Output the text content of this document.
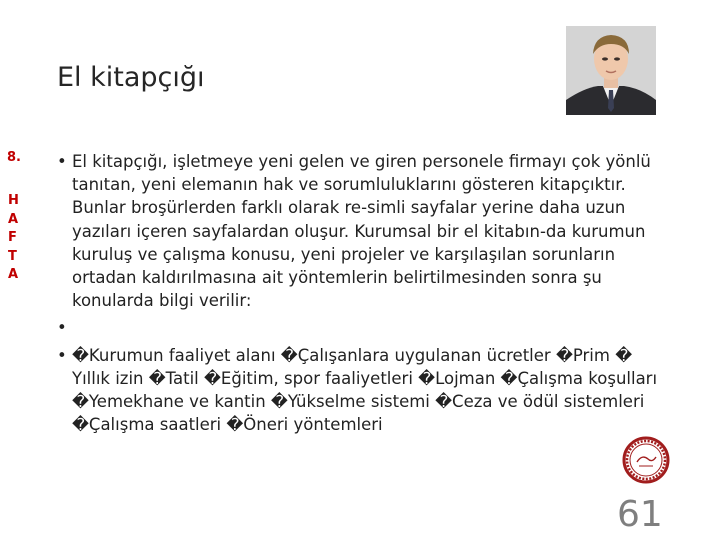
El kitapçığı
8.
H
A
F
T
A

• El kitapçığı, işletmeye yeni gelen ve giren personele firmayı çok yönlü tanıtan, yeni elemanın hak ve sorumluluklarını gösteren kitapçıktır. Bunlar broşürlerden farklı olarak re-simli sayfalar yerine daha uzun yazıları içeren sayfalardan oluşur. Kurumsal bir el kitabın-da kurumun kuruluş ve çalışma konusu, yeni projeler ve karşılaşılan sorunların ortadan kaldırılmasına ait yöntemlerin belirtilmesinden sonra şu konularda bilgi verilir:

•

• �Kurumun faaliyet alanı �Çalışanlara uygulanan ücretler �Prim � Yıllık izin �Tatil �Eğitim, spor faaliyetleri �Lojman �Çalışma koşulları �Yemekhane ve kantin �Yükselme sistemi �Ceza ve ödül sistemleri �Çalışma saatleri �Öneri yöntemleri

61
